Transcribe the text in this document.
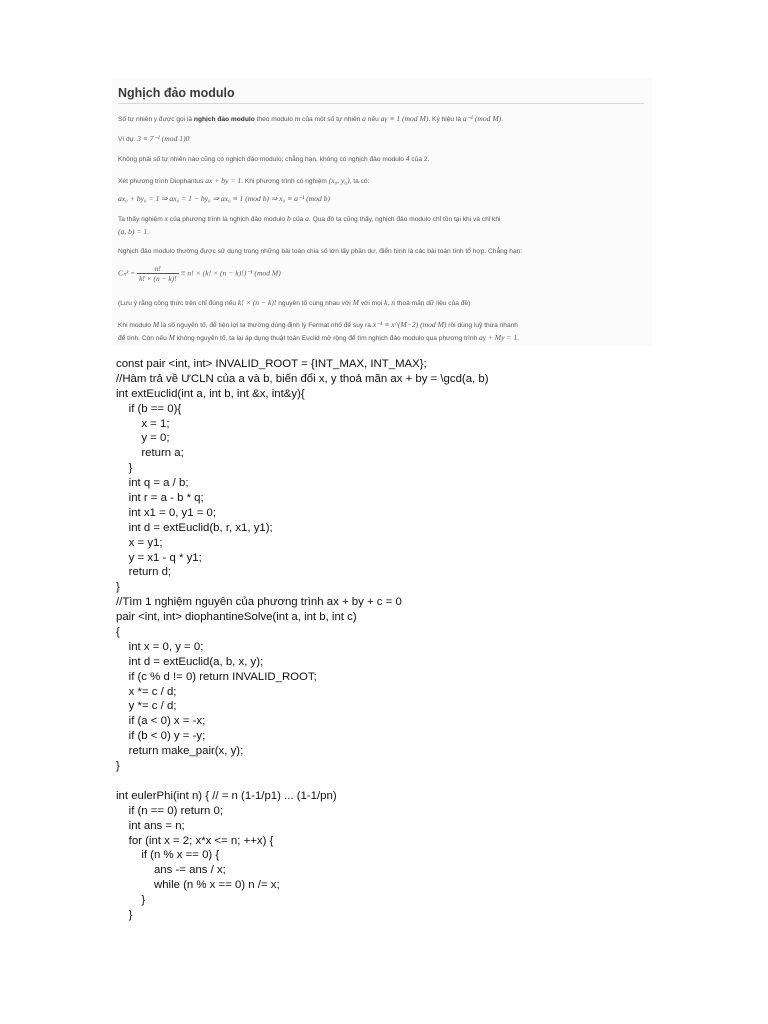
Nghịch đảo modulo
Số tự nhiên γ được gọi là nghịch đảo modulo theo modulo m của một số tự nhiên a nếu aγ ≡ 1 (mod M). Ký hiệu là a⁻¹ (mod M).
Ví dụ: 3 ≡ 7⁻¹ (mod 1)0
Không phải số tự nhiên nào cũng có nghịch đảo modulo; chẳng hạn, không có nghịch đảo modulo 4 của 2.
Xét phương trình Diophantus ax + by = 1. Khi phương trình có nghiệm (x₀, y₀), ta có:
ax₀ + by₀ = 1 ⇒ ax₀ = 1 − by₀ ⇒ ax₀ ≡ 1 (mod b) ⇒ x₀ ≡ a⁻¹ (mod b)
Ta thấy nghiệm x của phương trình là nghịch đảo modulo b của a. Qua đó ta cũng thấy, nghịch đảo modulo chỉ tồn tại khi và chỉ khi
(a, b) = 1.
Nghịch đảo modulo thường được sử dụng trong những bài toán chia số lớn lấy phần dư, điển hình là các bài toán tính tổ hợp. Chẳng hạn:
Cₙᵏ = $\frac{n!}{k! \times (n - k)!} \equiv n$! × (k! × (n − k)!)⁻¹ (mod M)
(Lưu ý rằng công thức trên chỉ đúng nếu k! × (n − k)! nguyên tố cùng nhau với M với mọi k, n thoả mãn dữ liệu của đề)
Khi modulo M là số nguyên tố, để tiện lợi ta thường dùng định lý Fermat nhỏ để suy ra x⁻¹ ≡ x^(M−2) (mod M) rồi dùng luỹ thừa nhanh
để tính. Còn nếu M không nguyên tố, ta lại áp dụng thuật toán Euclid mở rộng để tìm nghịch đảo modulo qua phương trình aγ + My = 1.
const pair <int, int> INVALID_ROOT = {INT_MAX, INT_MAX};
//Hàm trả về ƯCLN của a và b, biến đổi x, y thoả mãn ax + by = \gcd(a, b)
int extEuclid(int a, int b, int &x, int&y){
if (b == 0){
x = 1;
y = 0;
return a;
}
int q = a / b;
int r = a - b * q;
int x1 = 0, y1 = 0;
int d = extEuclid(b, r, x1, y1);
x = y1;
y = x1 - q * y1;
return d;
}
//Tìm 1 nghiệm nguyên của phương trình ax + by + c = 0
pair <int, int> diophantineSolve(int a, int b, int c)
{
int x = 0, y = 0;
int d = extEuclid(a, b, x, y);
if (c % d != 0) return INVALID_ROOT;
x *= c / d;
y *= c / d;
if (a < 0) x = -x;
if (b < 0) y = -y;
return make_pair(x, y);
}
int eulerPhi(int n) { // = n (1-1/p1) ... (1-1/pn)
if (n == 0) return 0;
int ans = n;
for (int x = 2; x*x <= n; ++x) {
if (n % x == 0) {
ans -= ans / x;
while (n % x == 0) n /= x;
}
}
